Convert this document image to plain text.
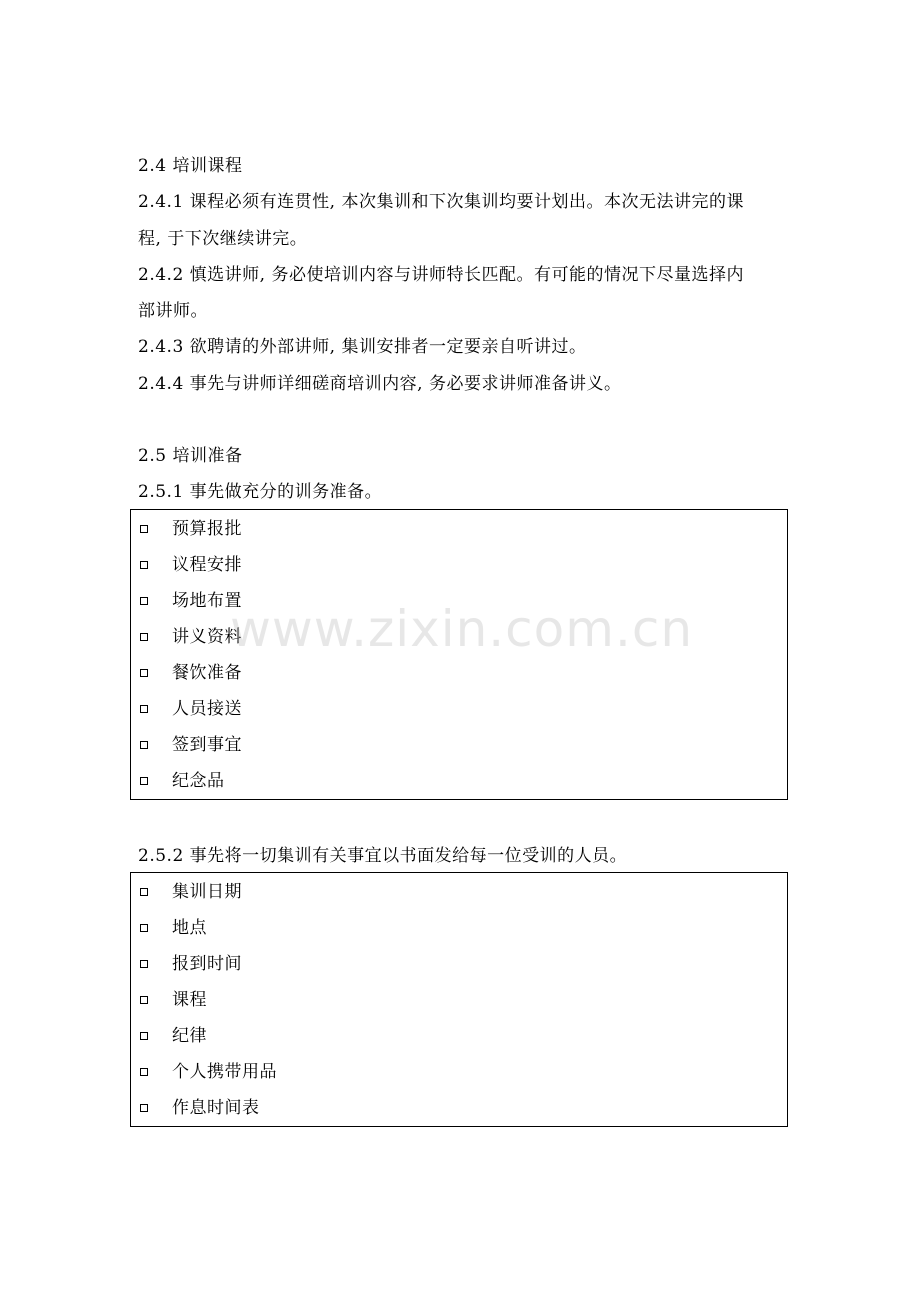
2.4 培训课程
2.4.1 课程必须有连贯性, 本次集训和下次集训均要计划出。本次无法讲完的课
程, 于下次继续讲完。
2.4.2 慎选讲师, 务必使培训内容与讲师特长匹配。有可能的情况下尽量选择内
部讲师。
2.4.3 欲聘请的外部讲师, 集训安排者一定要亲自听讲过。
2.4.4 事先与讲师详细磋商培训内容, 务必要求讲师准备讲义。
2.5 培训准备
2.5.1 事先做充分的训务准备。
预算报批
议程安排
场地布置
讲义资料
餐饮准备
人员接送
签到事宜
纪念品
2.5.2 事先将一切集训有关事宜以书面发给每一位受训的人员。
集训日期
地点
报到时间
课程
纪律
个人携带用品
作息时间表
www.zixin.com.cn
